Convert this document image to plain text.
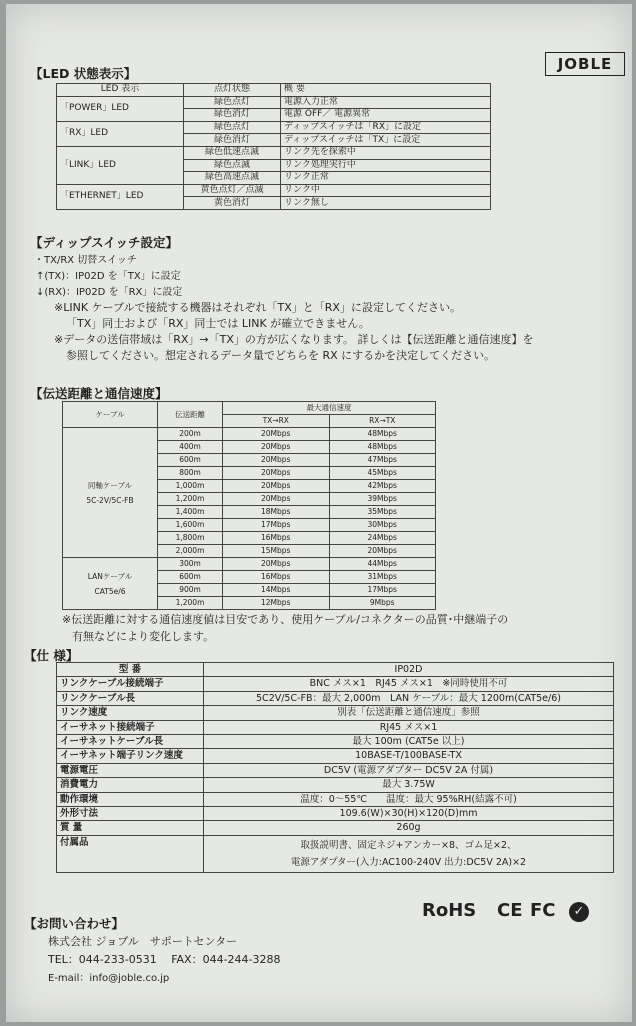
JOBLE
【LED 状態表示】
LED 表示	点灯状態	概 要
「POWER」LED	緑色点灯	電源入力正常
	緑色消灯	電源 OFF／ 電源異常
「RX」LED	緑色点灯	ディップスイッチは「RX」に設定
	緑色消灯	ディップスイッチは「TX」に設定
「LINK」LED	緑色低速点滅	リンク先を探索中
	緑色点滅	リンク処理実行中
	緑色高速点滅	リンク正常
「ETHERNET」LED	黄色点灯／点滅	リンク中
	黄色消灯	リンク無し
【ディップスイッチ設定】
・TX/RX 切替スイッチ
↑(TX)：IP02D を「TX」に設定
↓(RX)：IP02D を「RX」に設定
※LINK ケーブルで接続する機器はそれぞれ「TX」と「RX」に設定してください。
「TX」同士および「RX」同士では LINK が確立できません。
※データの送信帯域は「RX」→「TX」の方が広くなります。 詳しくは【伝送距離と通信速度】を
参照してください。想定されるデータ量でどちらを RX にするかを決定してください。
【伝送距離と通信速度】
ケーブル	伝送距離	最大通信速度	
		TX→RX	RX→TX

同軸ケーブル
5C-2V/5C-FB	200m	20Mbps	48Mbps
	400m	20Mbps	48Mbps
	600m	20Mbps	47Mbps
	800m	20Mbps	45Mbps
	1,000m	20Mbps	42Mbps
	1,200m	20Mbps	39Mbps
	1,400m	18Mbps	35Mbps
	1,600m	17Mbps	30Mbps
	1,800m	16Mbps	24Mbps
	2,000m	15Mbps	20Mbps

LANケーブル
CAT5e/6	300m	20Mbps	44Mbps
	600m	16Mbps	31Mbps
	900m	14Mbps	17Mbps
	1,200m	12Mbps	9Mbps
※伝送距離に対する通信速度値は目安であり、使用ケーブル/コネクターの品質･中継端子の
有無などにより変化します。
【仕 様】
型 番	IP02D
リンクケーブル接続端子	BNC メス×1　RJ45 メス×1　※同時使用不可
リンクケーブル長	5C2V/5C-FB：最大 2,000m　LAN ケーブル：最大 1200m(CAT5e/6)
リンク速度	別表「伝送距離と通信速度」参照
イーサネット接続端子	RJ45 メス×1
イーサネットケーブル長	最大 100m (CAT5e 以上)
イーサネット端子リンク速度	10BASE-T/100BASE-TX
電源電圧	DC5V (電源アダプター DC5V 2A 付属)
消費電力	最大 3.75W
動作環境	温度：0～55℃　　温度：最大 95%RH(結露不可)
外形寸法	109.6(W)×30(H)×120(D)mm
質 量	260g
付属品	取扱説明書、固定ネジ+アンカー×8、ゴム足×2、
電源アダプター(入力:AC100-240V 出力:DC5V 2A)×2
RoHS CE FC	✓
【お問い合わせ】
株式会社 ジョブル　サポートセンター
TEL：044-233-0531　 FAX：044-244-3288
E-mail：info@joble.co.jp
